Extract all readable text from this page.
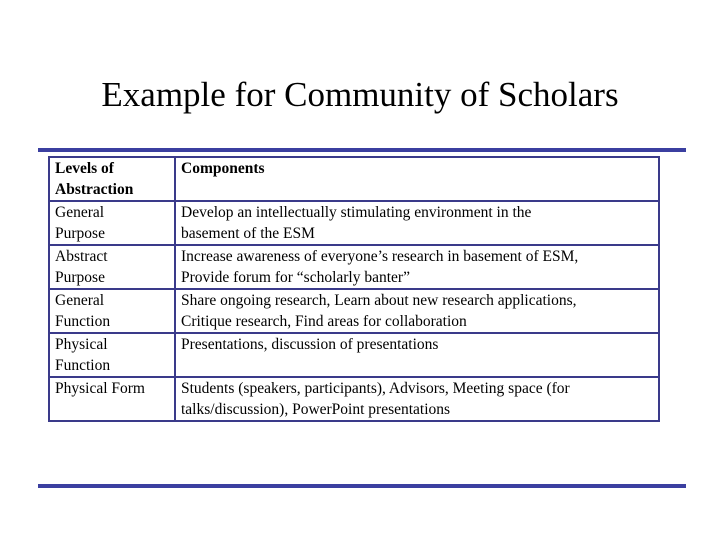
Example for Community of Scholars
Levels of
Abstraction	Components

General
Purpose	Develop an intellectually stimulating environment in the
basement of the ESM

Abstract
Purpose	Increase awareness of everyone’s research in basement of ESM,
Provide forum for “scholarly banter”

General
Function	Share ongoing research, Learn about new research applications,
Critique research, Find areas for collaboration

Physical
Function	Presentations, discussion of presentations

Physical Form	Students (speakers, participants), Advisors, Meeting space (for
talks/discussion), PowerPoint presentations
